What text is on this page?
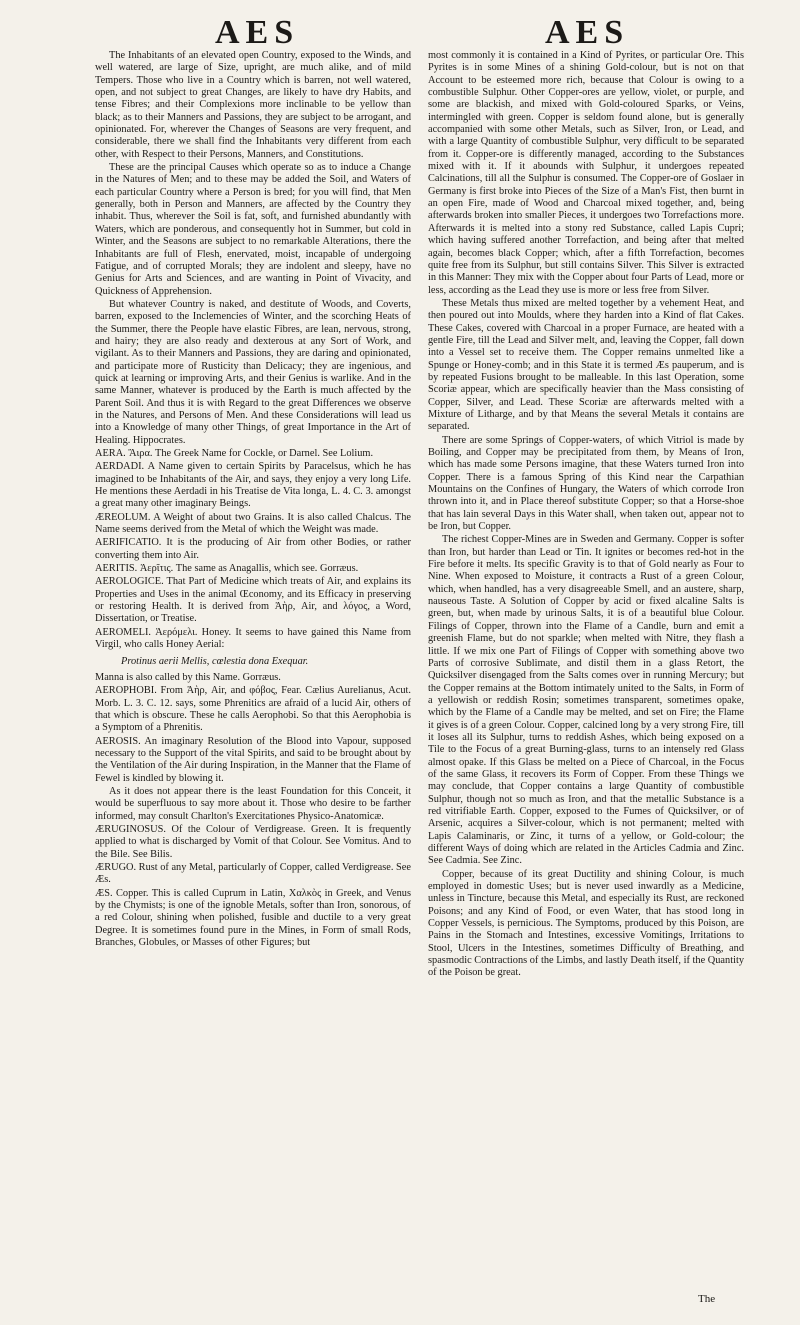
AES	AES

The Inhabitants of an elevated open Country, exposed to the Winds, and well watered, are large of Size, upright, are much alike, and of mild Tempers. Those who live in a Country which is barren, not well watered, open, and not subject to great Changes, are likely to have dry Habits, and tense Fibres; and their Complexions more inclinable to be yellow than black; as to their Manners and Passions, they are subject to be arrogant, and opinionated. For, wherever the Changes of Seasons are very frequent, and considerable, there we shall find the Inhabitants very different from each other, with Respect to their Persons, Manners, and Constitutions.

These are the principal Causes which operate so as to induce a Change in the Natures of Men; and to these may be added the Soil, and Waters of each particular Country where a Person is bred; for you will find, that Men generally, both in Person and Manners, are affected by the Country they inhabit. Thus, wherever the Soil is fat, soft, and furnished abundantly with Waters, which are ponderous, and consequently hot in Summer, but cold in Winter, and the Seasons are subject to no remarkable Alterations, there the Inhabitants are full of Flesh, enervated, moist, incapable of undergoing Fatigue, and of corrupted Morals; they are indolent and sleepy, have no Genius for Arts and Sciences, and are wanting in Point of Vivacity, and Quickness of Apprehension.

But whatever Country is naked, and destitute of Woods, and Coverts, barren, exposed to the Inclemencies of Winter, and the scorching Heats of the Summer, there the People have elastic Fibres, are lean, nervous, strong, and hairy; they are also ready and dexterous at any Sort of Work, and vigilant. As to their Manners and Passions, they are daring and opinionated, and participate more of Rusticity than Delicacy; they are ingenious, and quick at learning or improving Arts, and their Genius is warlike. And in the same Manner, whatever is produced by the Earth is much affected by the Parent Soil. And thus it is with Regard to the great Differences we observe in the Natures, and Persons of Men. And these Considerations will lead us into a Knowledge of many other Things, of great Importance in the Art of Healing. Hippocrates.

AERA. Ἄιρα. The Greek Name for Cockle, or Darnel. See Lolium.

AERDADI. A Name given to certain Spirits by Paracelsus, which he has imagined to be Inhabitants of the Air, and says, they enjoy a very long Life. He mentions these Aerdadi in his Treatise de Vita longa, L. 4. C. 3. amongst a great many other imaginary Beings.

ÆREOLUM. A Weight of about two Grains. It is also called Chalcus. The Name seems derived from the Metal of which the Weight was made.

AERIFICATIO. It is the producing of Air from other Bodies, or rather converting them into Air.

AERITIS. Ἀερῖτις. The same as Anagallis, which see. Gorræus.

AEROLOGICE. That Part of Medicine which treats of Air, and explains its Properties and Uses in the animal Œconomy, and its Efficacy in preserving or restoring Health. It is derived from Ἀὴρ, Air, and λόγος, a Word, Dissertation, or Treatise.

AEROMELI. Ἀερόμελι. Honey. It seems to have gained this Name from Virgil, who calls Honey Aerial:

Protinus aerii Mellis, cœlestia dona Exequar.

Manna is also called by this Name. Gorræus.

AEROPHOBI. From Ἀὴρ, Air, and φόβος, Fear. Cælius Aurelianus, Acut. Morb. L. 3. C. 12. says, some Phrenitics are afraid of a lucid Air, others of that which is obscure. These he calls Aerophobi. So that this Aerophobia is a Symptom of a Phrenitis.

AEROSIS. An imaginary Resolution of the Blood into Vapour, supposed necessary to the Support of the vital Spirits, and said to be brought about by the Ventilation of the Air during Inspiration, in the Manner that the Flame of Fewel is kindled by blowing it.

As it does not appear there is the least Foundation for this Conceit, it would be superfluous to say more about it. Those who desire to be farther informed, may consult Charlton's Exercitationes Physico-Anatomicæ.

ÆRUGINOSUS. Of the Colour of Verdigrease. Green. It is frequently applied to what is discharged by Vomit of that Colour. See Vomitus. And to the Bile. See Bilis.

ÆRUGO. Rust of any Metal, particularly of Copper, called Verdigrease. See Æs.

ÆS. Copper. This is called Cuprum in Latin, Χαλκὸς in Greek, and Venus by the Chymists; is one of the ignoble Metals, softer than Iron, sonorous, of a red Colour, shining when polished, fusible and ductile to a very great Degree. It is sometimes found pure in the Mines, in Form of small Rods, Branches, Globules, or Masses of other Figures; but

most commonly it is contained in a Kind of Pyrites, or particular Ore. This Pyrites is in some Mines of a shining Gold-colour, but is not on that Account to be esteemed more rich, because that Colour is owing to a combustible Sulphur. Other Copper-ores are yellow, violet, or purple, and some are blackish, and mixed with Gold-coloured Sparks, or Veins, intermingled with green. Copper is seldom found alone, but is generally accompanied with some other Metals, such as Silver, Iron, or Lead, and with a large Quantity of combustible Sulphur, very difficult to be separated from it. Copper-ore is differently managed, according to the Substances mixed with it. If it abounds with Sulphur, it undergoes repeated Calcinations, till all the Sulphur is consumed. The Copper-ore of Goslaer in Germany is first broke into Pieces of the Size of a Man's Fist, then burnt in an open Fire, made of Wood and Charcoal mixed together, and, being afterwards broken into smaller Pieces, it undergoes two Torrefactions more. Afterwards it is melted into a stony red Substance, called Lapis Cupri; which having suffered another Torrefaction, and being after that melted again, becomes black Copper; which, after a fifth Torrefaction, becomes quite free from its Sulphur, but still contains Silver. This Silver is extracted in this Manner: They mix with the Copper about four Parts of Lead, more or less, according as the Lead they use is more or less free from Silver.

These Metals thus mixed are melted together by a vehement Heat, and then poured out into Moulds, where they harden into a Kind of flat Cakes. These Cakes, covered with Charcoal in a proper Furnace, are heated with a gentle Fire, till the Lead and Silver melt, and, leaving the Copper, fall down into a Vessel set to receive them. The Copper remains unmelted like a Spunge or Honey-comb; and in this State it is termed Æs pauperum, and is by repeated Fusions brought to be malleable. In this last Operation, some Scoriæ appear, which are specifically heavier than the Mass consisting of Copper, Silver, and Lead. These Scoriæ are afterwards melted with a Mixture of Litharge, and by that Means the several Metals it contains are separated.

There are some Springs of Copper-waters, of which Vitriol is made by Boiling, and Copper may be precipitated from them, by Means of Iron, which has made some Persons imagine, that these Waters turned Iron into Copper. There is a famous Spring of this Kind near the Carpathian Mountains on the Confines of Hungary, the Waters of which corrode Iron thrown into it, and in Place thereof substitute Copper; so that a Horse-shoe that has lain several Days in this Water shall, when taken out, appear not to be Iron, but Copper.

The richest Copper-Mines are in Sweden and Germany. Copper is softer than Iron, but harder than Lead or Tin. It ignites or becomes red-hot in the Fire before it melts. Its specific Gravity is to that of Gold nearly as Four to Nine. When exposed to Moisture, it contracts a Rust of a green Colour, which, when handled, has a very disagreeable Smell, and an austere, sharp, nauseous Taste. A Solution of Copper by acid or fixed alcaline Salts is green, but, when made by urinous Salts, it is of a beautiful blue Colour. Filings of Copper, thrown into the Flame of a Candle, burn and emit a greenish Flame, but do not sparkle; when melted with Nitre, they flash a little. If we mix one Part of Filings of Copper with something above two Parts of corrosive Sublimate, and distil them in a glass Retort, the Quicksilver disengaged from the Salts comes over in running Mercury; but the Copper remains at the Bottom intimately united to the Salts, in Form of a yellowish or reddish Rosin; sometimes transparent, sometimes opake, which by the Flame of a Candle may be melted, and set on Fire; the Flame it gives is of a green Colour. Copper, calcined long by a very strong Fire, till it loses all its Sulphur, turns to reddish Ashes, which being exposed on a Tile to the Focus of a great Burning-glass, turns to an intensely red Glass almost opake. If this Glass be melted on a Piece of Charcoal, in the Focus of the same Glass, it recovers its Form of Copper. From these Things we may conclude, that Copper contains a large Quantity of combustible Sulphur, though not so much as Iron, and that the metallic Substance is a red vitrifiable Earth. Copper, exposed to the Fumes of Quicksilver, or of Arsenic, acquires a Silver-colour, which is not permanent; melted with Lapis Calaminaris, or Zinc, it turns of a yellow, or Gold-colour; the different Ways of doing which are related in the Articles Cadmia and Zinc. See Cadmia. See Zinc.

Copper, because of its great Ductility and shining Colour, is much employed in domestic Uses; but is never used inwardly as a Medicine, unless in Tincture, because this Metal, and especially its Rust, are reckoned Poisons; and any Kind of Food, or even Water, that has stood long in Copper Vessels, is pernicious. The Symptoms, produced by this Poison, are Pains in the Stomach and Intestines, excessive Vomitings, Irritations to Stool, Ulcers in the Intestines, sometimes Difficulty of Breathing, and spasmodic Contractions of the Limbs, and lastly Death itself, if the Quantity of the Poison be great.

The
